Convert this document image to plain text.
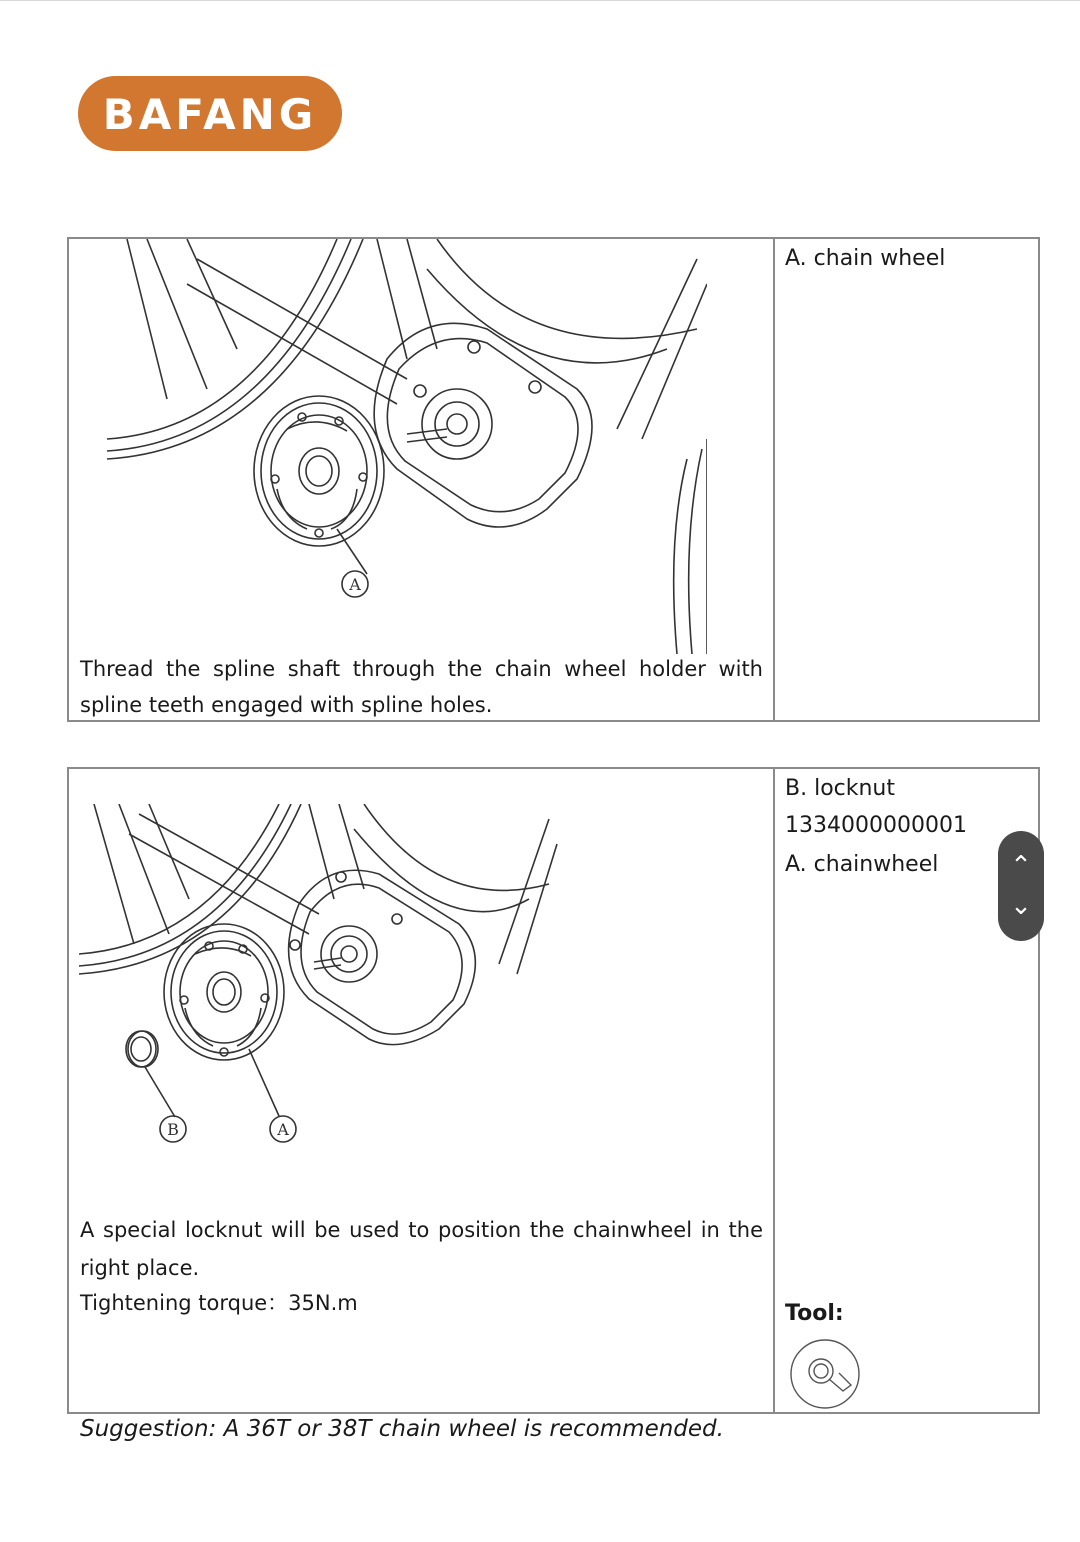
BAFANG
A
Thread the spline shaft through the chain wheel holder with spline teeth engaged with spline holes.
A. chain wheel
B	A
A special locknut will be used to position the chainwheel in the right place.
Tightening torque：35N.m
B. locknut
1334000000001
A. chainwheel
Tool:
Suggestion: A 36T or 38T chain wheel is recommended.
⌃
⌄
